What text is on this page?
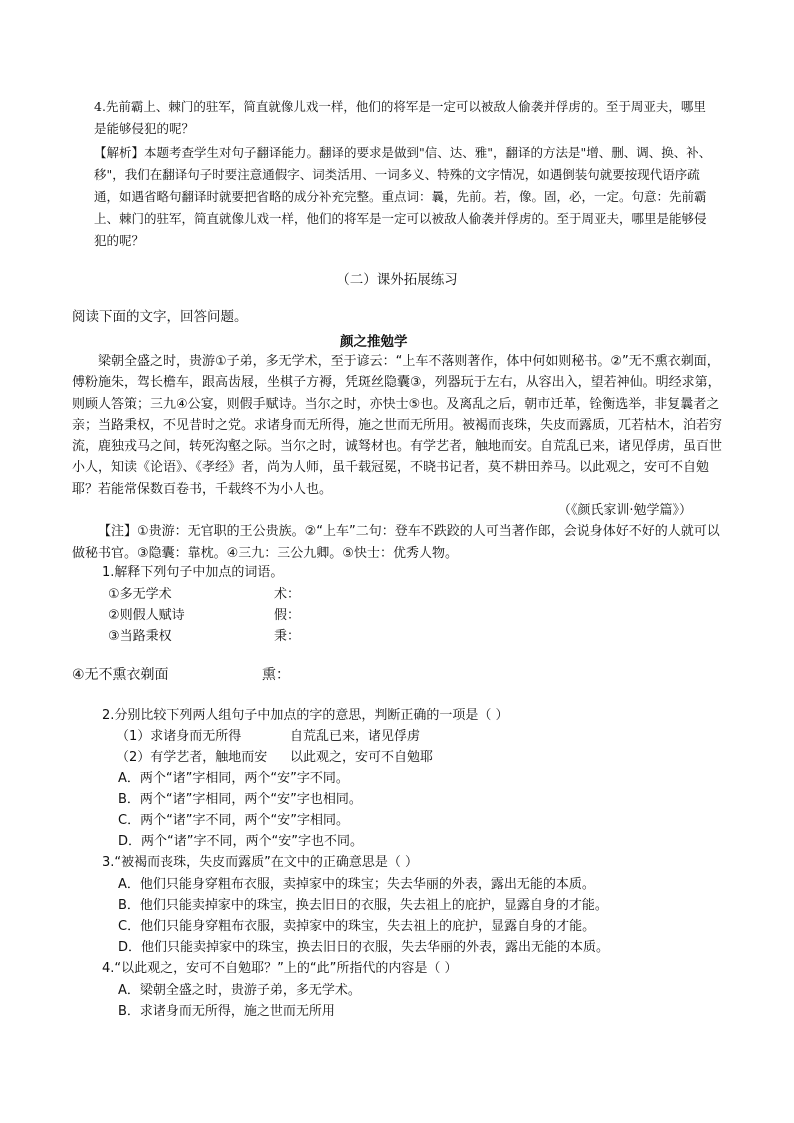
4.先前霸上、棘门的驻军，简直就像儿戏一样，他们的将军是一定可以被敌人偷袭并俘虏的。至于周亚夫，哪里是能够侵犯的呢？

【解析】本题考查学生对句子翻译能力。翻译的要求是做到"信、达、雅"，翻译的方法是"增、删、调、换、补、移"，我们在翻译句子时要注意通假字、词类活用、一词多义、特殊的文字情况，如遇倒装句就要按现代语序疏通，如遇省略句翻译时就要把省略的成分补充完整。重点词：曩，先前。若，像。固，必，一定。句意：先前霸上、棘门的驻军，简直就像儿戏一样，他们的将军是一定可以被敌人偷袭并俘虏的。至于周亚夫，哪里是能够侵犯的呢？

（二）课外拓展练习
阅读下面的文字，回答问题。
颜之推勉学

梁朝全盛之时，贵游①子弟，多无学术，至于谚云：“上车不落则著作，体中何如则秘书。②”无不熏衣剃面，傅粉施朱，驾长檐车，跟高齿屐，坐棋子方褥，凭斑丝隐囊③，列器玩于左右，从容出入，望若神仙。明经求第，则顾人答策；三九④公宴，则假手赋诗。当尔之时，亦快士⑤也。及离乱之后，朝市迁革，铨衡选举，非复曩者之亲；当路秉权，不见昔时之党。求诸身而无所得，施之世而无所用。被褐而丧珠，失皮而露质，兀若枯木，泊若穷流，鹿独戎马之间，转死沟壑之际。当尔之时，诚驽材也。有学艺者，触地而安。自荒乱已来，诸见俘虏，虽百世小人，知读《论语》、《孝经》者，尚为人师，虽千载冠冕，不晓书记者，莫不耕田养马。以此观之，安可不自勉耶？若能常保数百卷书，千载终不为小人也。

（《颜氏家训·勉学篇》）

【注】①贵游：无官职的王公贵族。②“上车”二句：登车不跌跤的人可当著作郎，会说身体好不好的人就可以做秘书官。③隐囊：靠枕。④三九：三公九卿。⑤快士：优秀人物。

1.解释下列句子中加点的词语。
①多无学术	术：
②则假人赋诗	假：
③当路秉权	秉：
④无不熏衣剃面	熏：
2.分别比较下列两人组句子中加点的字的意思，判断正确的一项是（ ）
（1）求诸身而无所得	自荒乱已来，诸见俘虏
（2）有学艺者，触地而安 以此观之，安可不自勉耶
A．两个“诸”字相同，两个“安”字不同。
B．两个“诸”字相同，两个“安”字也相同。
C．两个“诸”字不同，两个“安”字相同。
D．两个“诸”字不同，两个“安”字也不同。
3.“被褐而丧珠，失皮而露质”在文中的正确意思是（ ）
A．他们只能身穿粗布衣服，卖掉家中的珠宝；失去华丽的外表，露出无能的本质。
B．他们只能卖掉家中的珠宝，换去旧日的衣服，失去祖上的庇护，显露自身的才能。
C．他们只能身穿粗布衣服，卖掉家中的珠宝，失去祖上的庇护，显露自身的才能。
D．他们只能卖掉家中的珠宝，换去旧日的衣服，失去华丽的外表，露出无能的本质。
4.“以此观之，安可不自勉耶？”上的“此”所指代的内容是（ ）
A．梁朝全盛之时，贵游子弟，多无学术。
B．求诸身而无所得，施之世而无所用
